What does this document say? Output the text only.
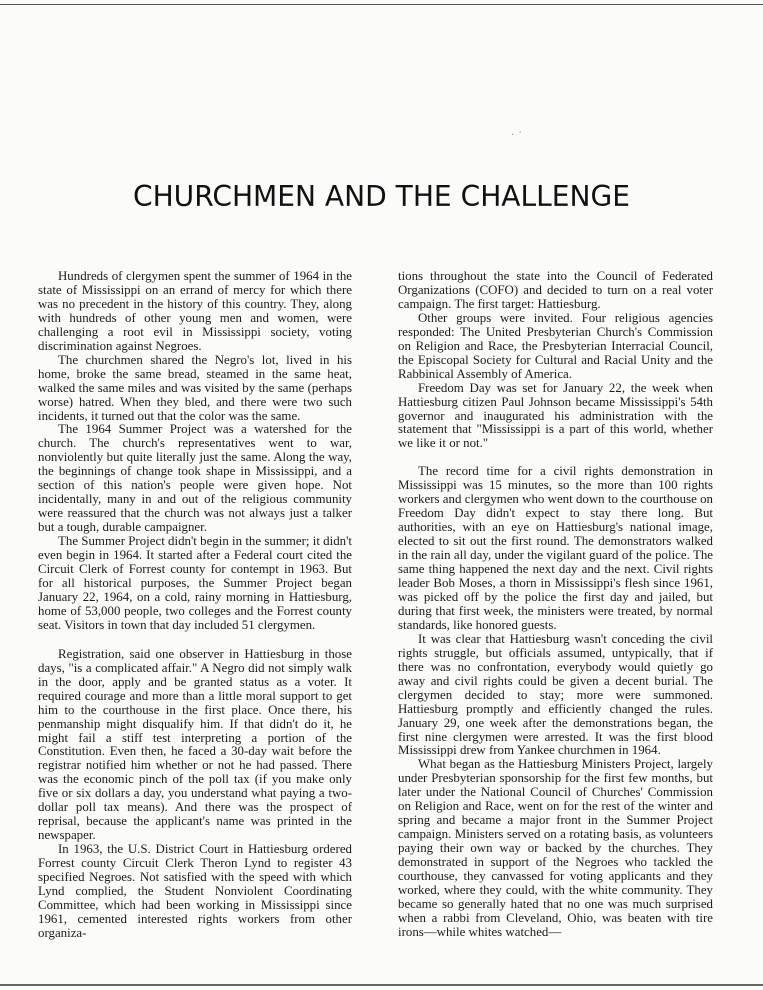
. ·
CHURCHMEN AND THE CHALLENGE

Hundreds of clergymen spent the summer of 1964 in the state of Mississippi on an errand of mercy for which there was no precedent in the history of this country. They, along with hundreds of other young men and women, were challenging a root evil in Mississippi society, voting discrimination against Negroes.

The churchmen shared the Negro's lot, lived in his home, broke the same bread, steamed in the same heat, walked the same miles and was visited by the same (perhaps worse) hatred. When they bled, and there were two such incidents, it turned out that the color was the same.

The 1964 Summer Project was a watershed for the church. The church's representatives went to war, nonviolently but quite literally just the same. Along the way, the beginnings of change took shape in Mississippi, and a section of this nation's people were given hope. Not incidentally, many in and out of the religious community were reassured that the church was not always just a talker but a tough, durable campaigner.

The Summer Project didn't begin in the summer; it didn't even begin in 1964. It started after a Federal court cited the Circuit Clerk of Forrest county for contempt in 1963. But for all historical purposes, the Summer Project began January 22, 1964, on a cold, rainy morning in Hattiesburg, home of 53,000 people, two colleges and the Forrest county seat. Visitors in town that day included 51 clergymen.

Registration, said one observer in Hattiesburg in those days, "is a complicated affair." A Negro did not simply walk in the door, apply and be granted status as a voter. It required courage and more than a little moral support to get him to the courthouse in the first place. Once there, his penmanship might disqualify him. If that didn't do it, he might fail a stiff test interpreting a portion of the Constitution. Even then, he faced a 30-day wait before the registrar notified him whether or not he had passed. There was the economic pinch of the poll tax (if you make only five or six dollars a day, you understand what paying a two-dollar poll tax means). And there was the prospect of reprisal, because the applicant's name was printed in the newspaper.

In 1963, the U.S. District Court in Hattiesburg ordered Forrest county Circuit Clerk Theron Lynd to register 43 specified Negroes. Not satisfied with the speed with which Lynd complied, the Student Nonviolent Coordinating Committee, which had been working in Mississippi since 1961, cemented interested rights workers from other organiza-

tions throughout the state into the Council of Federated Organizations (COFO) and decided to turn on a real voter campaign. The first target: Hattiesburg.

Other groups were invited. Four religious agencies responded: The United Presbyterian Church's Commission on Religion and Race, the Presbyterian Interracial Council, the Episcopal Society for Cultural and Racial Unity and the Rabbinical Assembly of America.

Freedom Day was set for January 22, the week when Hattiesburg citizen Paul Johnson became Mississippi's 54th governor and inaugurated his administration with the statement that "Mississippi is a part of this world, whether we like it or not."

The record time for a civil rights demonstration in Mississippi was 15 minutes, so the more than 100 rights workers and clergymen who went down to the courthouse on Freedom Day didn't expect to stay there long. But authorities, with an eye on Hattiesburg's national image, elected to sit out the first round. The demonstrators walked in the rain all day, under the vigilant guard of the police. The same thing happened the next day and the next. Civil rights leader Bob Moses, a thorn in Mississippi's flesh since 1961, was picked off by the police the first day and jailed, but during that first week, the ministers were treated, by normal standards, like honored guests.

It was clear that Hattiesburg wasn't conceding the civil rights struggle, but officials assumed, untypically, that if there was no confrontation, everybody would quietly go away and civil rights could be given a decent burial. The clergymen decided to stay; more were summoned. Hattiesburg promptly and efficiently changed the rules. January 29, one week after the demonstrations began, the first nine clergymen were arrested. It was the first blood Mississippi drew from Yankee churchmen in 1964.

What began as the Hattiesburg Ministers Project, largely under Presbyterian sponsorship for the first few months, but later under the National Council of Churches' Commission on Religion and Race, went on for the rest of the winter and spring and became a major front in the Summer Project campaign. Ministers served on a rotating basis, as volunteers paying their own way or backed by the churches. They demonstrated in support of the Negroes who tackled the courthouse, they canvassed for voting applicants and they worked, where they could, with the white community. They became so generally hated that no one was much surprised when a rabbi from Cleveland, Ohio, was beaten with tire irons—while whites watched—
